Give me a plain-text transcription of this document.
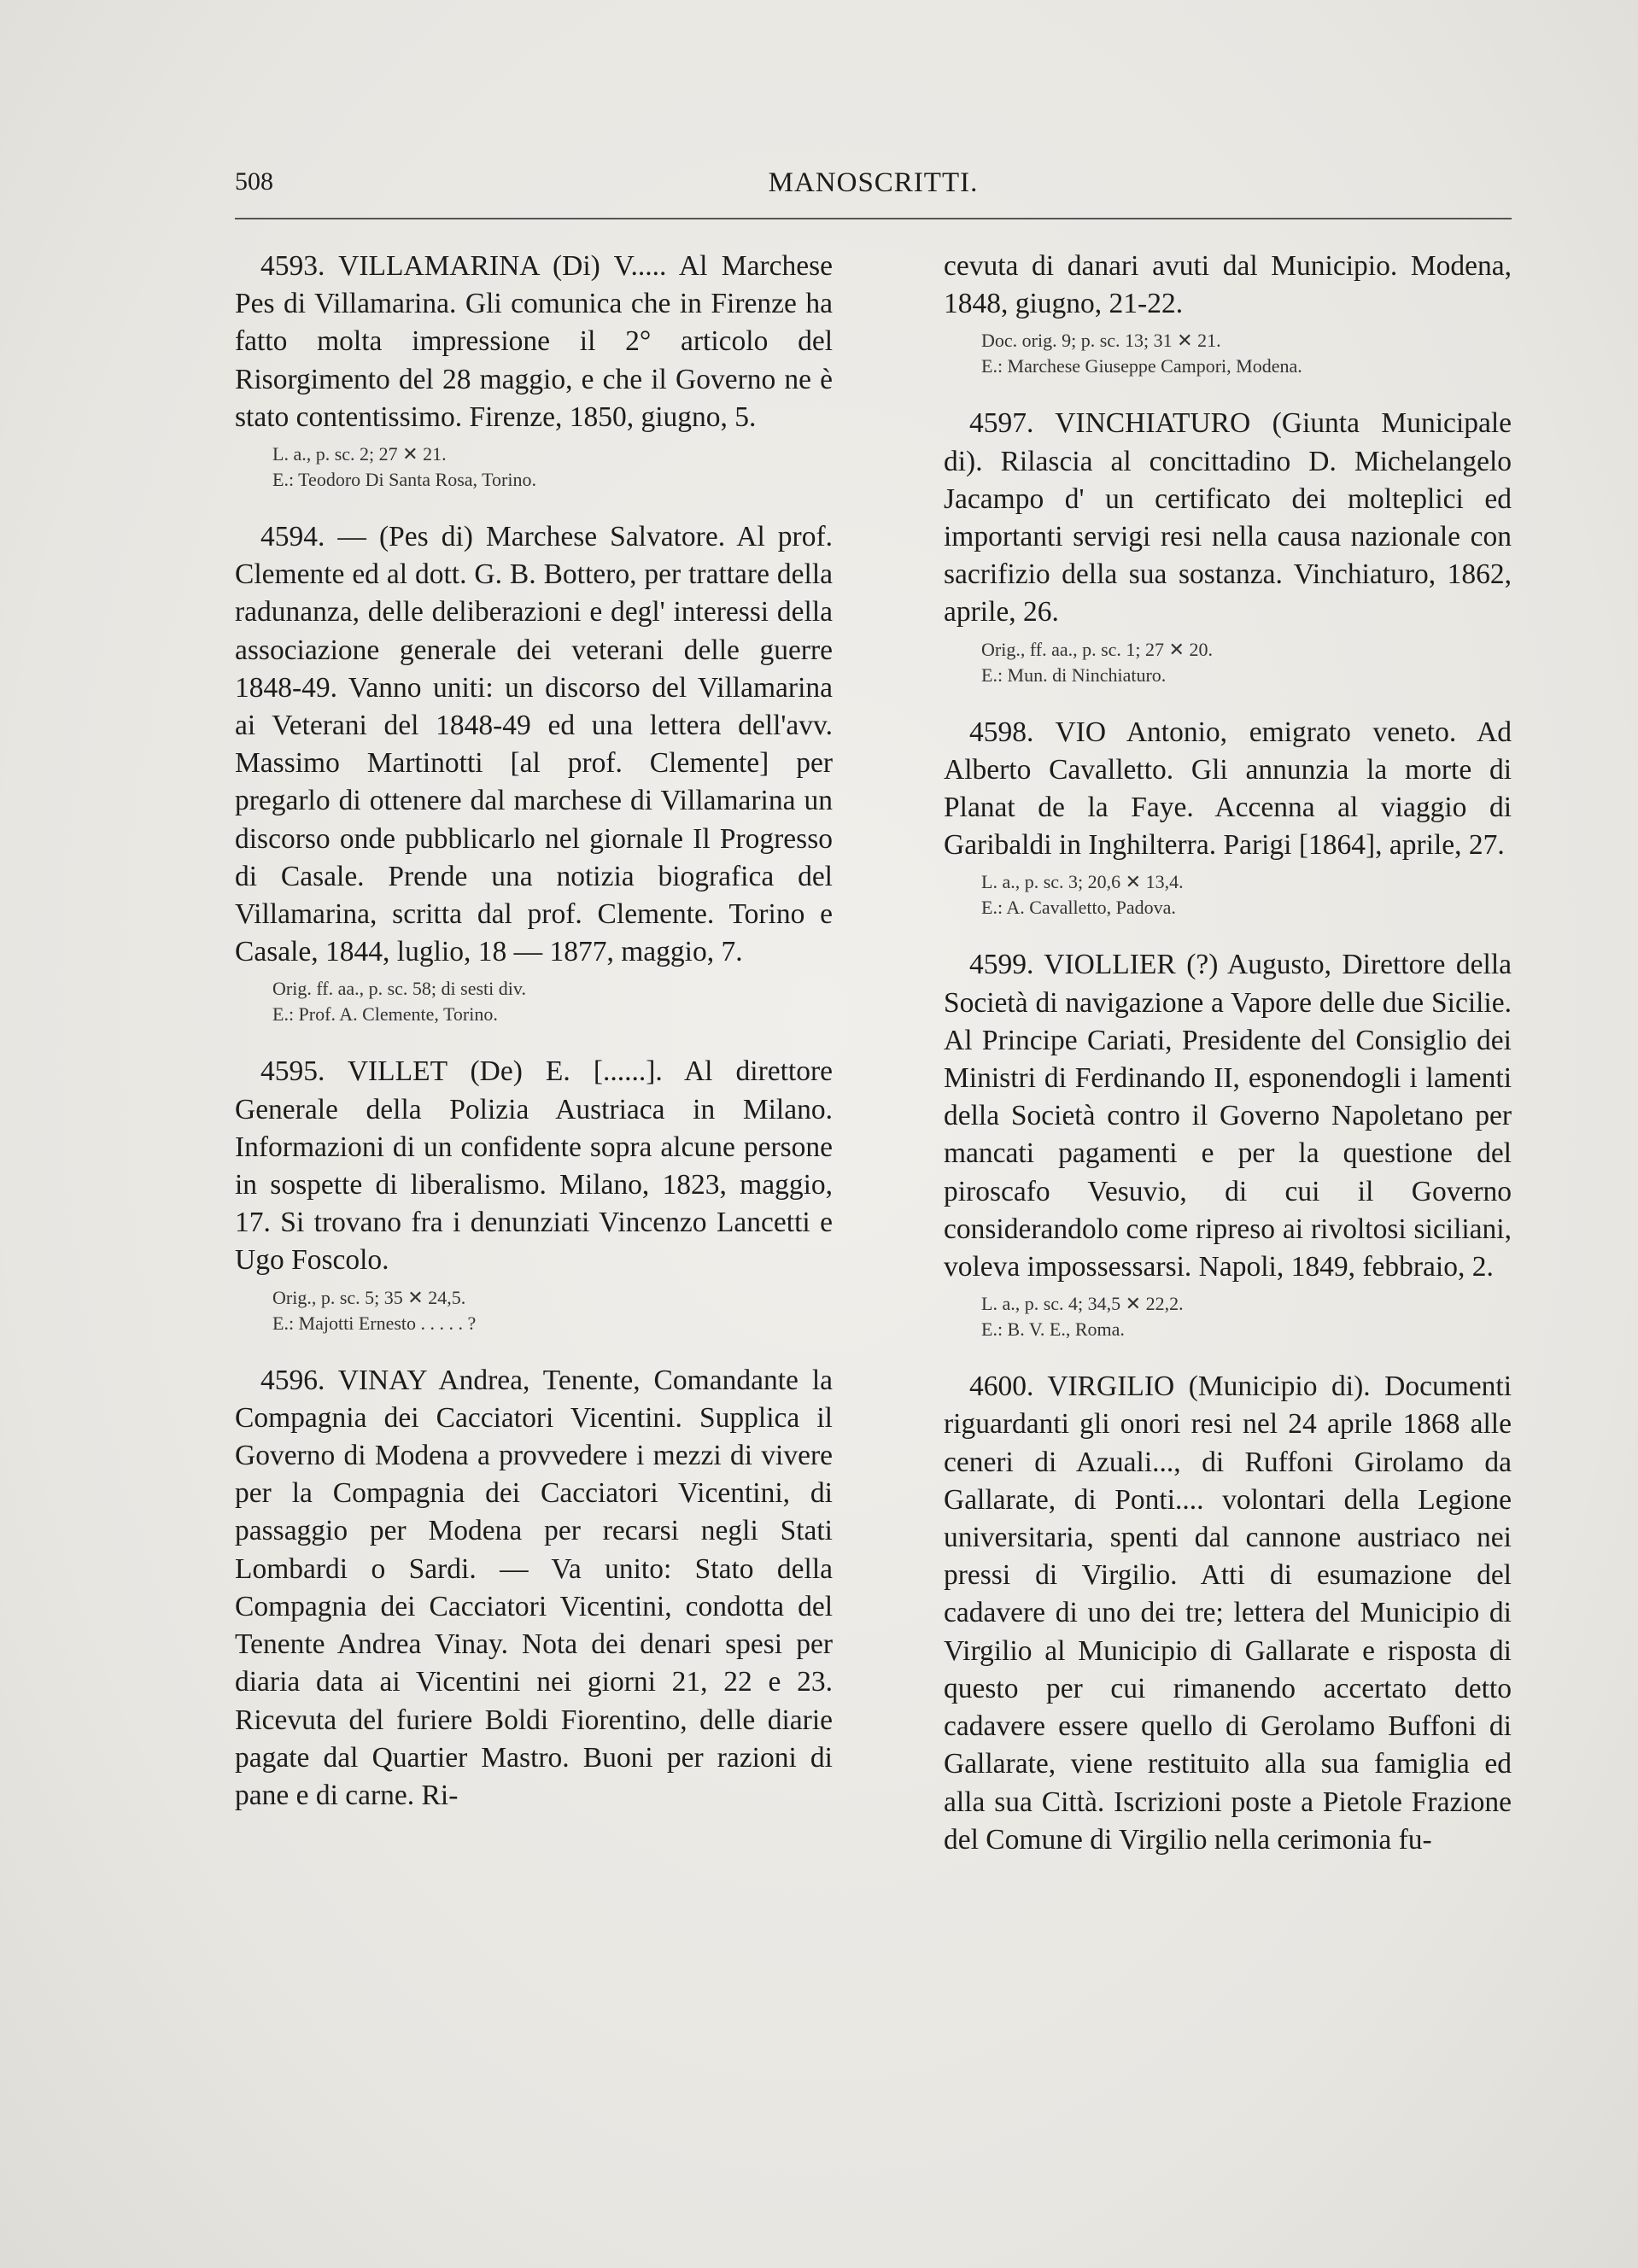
508	MANOSCRITTI.

4593. VILLAMARINA (Di) V..... Al Marchese Pes di Villamarina. Gli comunica che in Firenze ha fatto molta impressione il 2° articolo del Risorgimento del 28 maggio, e che il Governo ne è stato contentissimo. Firenze, 1850, giugno, 5.

L. a., p. sc. 2; 27 ✕ 21.

E.: Teodoro Di Santa Rosa, Torino.

4594. — (Pes di) Marchese Salvatore. Al prof. Clemente ed al dott. G. B. Bottero, per trattare della radunanza, delle deliberazioni e degl' interessi della associazione generale dei veterani delle guerre 1848-49. Vanno uniti: un discorso del Villamarina ai Veterani del 1848-49 ed una lettera dell'avv. Massimo Martinotti [al prof. Clemente] per pregarlo di ottenere dal marchese di Villamarina un discorso onde pubblicarlo nel giornale Il Progresso di Casale. Prende una notizia biografica del Villamarina, scritta dal prof. Clemente. Torino e Casale, 1844, luglio, 18 — 1877, maggio, 7.

Orig. ff. aa., p. sc. 58; di sesti div.

E.: Prof. A. Clemente, Torino.

4595. VILLET (De) E. [......]. Al direttore Generale della Polizia Austriaca in Milano. Informazioni di un confidente sopra alcune persone in sospette di liberalismo. Milano, 1823, maggio, 17. Si trovano fra i denunziati Vincenzo Lancetti e Ugo Foscolo.

Orig., p. sc. 5; 35 ✕ 24,5.

E.: Majotti Ernesto . . . . . ?

4596. VINAY Andrea, Tenente, Comandante la Compagnia dei Cacciatori Vicentini. Supplica il Governo di Modena a provvedere i mezzi di vivere per la Compagnia dei Cacciatori Vicentini, di passaggio per Modena per recarsi negli Stati Lombardi o Sardi. — Va unito: Stato della Compagnia dei Cacciatori Vicentini, condotta del Tenente Andrea Vinay. Nota dei denari spesi per diaria data ai Vicentini nei giorni 21, 22 e 23. Ricevuta del furiere Boldi Fiorentino, delle diarie pagate dal Quartier Mastro. Buoni per razioni di pane e di carne. Ri-

cevuta di danari avuti dal Municipio. Modena, 1848, giugno, 21-22.

Doc. orig. 9; p. sc. 13; 31 ✕ 21.

E.: Marchese Giuseppe Campori, Modena.

4597. VINCHIATURO (Giunta Municipale di). Rilascia al concittadino D. Michelangelo Jacampo d' un certificato dei molteplici ed importanti servigi resi nella causa nazionale con sacrifizio della sua sostanza. Vinchiaturo, 1862, aprile, 26.

Orig., ff. aa., p. sc. 1; 27 ✕ 20.

E.: Mun. di Ninchiaturo.

4598. VIO Antonio, emigrato veneto. Ad Alberto Cavalletto. Gli annunzia la morte di Planat de la Faye. Accenna al viaggio di Garibaldi in Inghilterra. Parigi [1864], aprile, 27.

L. a., p. sc. 3; 20,6 ✕ 13,4.

E.: A. Cavalletto, Padova.

4599. VIOLLIER (?) Augusto, Direttore della Società di navigazione a Vapore delle due Sicilie. Al Principe Cariati, Presidente del Consiglio dei Ministri di Ferdinando II, esponendogli i lamenti della Società contro il Governo Napoletano per mancati pagamenti e per la questione del piroscafo Vesuvio, di cui il Governo considerandolo come ripreso ai rivoltosi siciliani, voleva impossessarsi. Napoli, 1849, febbraio, 2.

L. a., p. sc. 4; 34,5 ✕ 22,2.

E.: B. V. E., Roma.

4600. VIRGILIO (Municipio di). Documenti riguardanti gli onori resi nel 24 aprile 1868 alle ceneri di Azuali..., di Ruffoni Girolamo da Gallarate, di Ponti.... volontari della Legione universitaria, spenti dal cannone austriaco nei pressi di Virgilio. Atti di esumazione del cadavere di uno dei tre; lettera del Municipio di Virgilio al Municipio di Gallarate e risposta di questo per cui rimanendo accertato detto cadavere essere quello di Gerolamo Buffoni di Gallarate, viene restituito alla sua famiglia ed alla sua Città. Iscrizioni poste a Pietole Frazione del Comune di Virgilio nella cerimonia fu-
